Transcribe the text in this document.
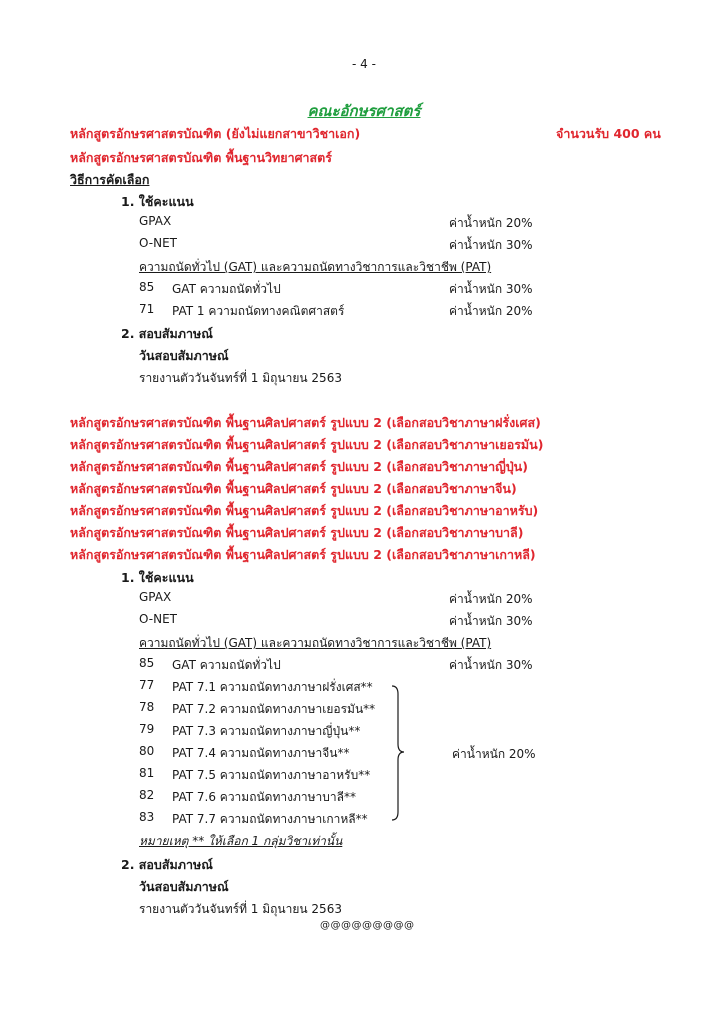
- 4 -
คณะอักษรศาสตร์
หลักสูตรอักษรศาสตรบัณฑิต (ยังไม่แยกสาขาวิชาเอก)	จำนวนรับ 400 คน
หลักสูตรอักษรศาสตรบัณฑิต พื้นฐานวิทยาศาสตร์
วิธีการคัดเลือก
1. ใช้คะแนน
GPAX	ค่าน้ำหนัก 20%
O-NET	ค่าน้ำหนัก 30%
ความถนัดทั่วไป (GAT) และความถนัดทางวิชาการและวิชาชีพ (PAT)
85 GAT ความถนัดทั่วไป	ค่าน้ำหนัก 30%
71 PAT 1 ความถนัดทางคณิตศาสตร์	ค่าน้ำหนัก 20%
2. สอบสัมภาษณ์
วันสอบสัมภาษณ์
รายงานตัววันจันทร์ที่ 1 มิถุนายน 2563
หลักสูตรอักษรศาสตรบัณฑิต พื้นฐานศิลปศาสตร์ รูปแบบ 2 (เลือกสอบวิชาภาษาฝรั่งเศส)
หลักสูตรอักษรศาสตรบัณฑิต พื้นฐานศิลปศาสตร์ รูปแบบ 2 (เลือกสอบวิชาภาษาเยอรมัน)
หลักสูตรอักษรศาสตรบัณฑิต พื้นฐานศิลปศาสตร์ รูปแบบ 2 (เลือกสอบวิชาภาษาญี่ปุ่น)
หลักสูตรอักษรศาสตรบัณฑิต พื้นฐานศิลปศาสตร์ รูปแบบ 2 (เลือกสอบวิชาภาษาจีน)
หลักสูตรอักษรศาสตรบัณฑิต พื้นฐานศิลปศาสตร์ รูปแบบ 2 (เลือกสอบวิชาภาษาอาหรับ)
หลักสูตรอักษรศาสตรบัณฑิต พื้นฐานศิลปศาสตร์ รูปแบบ 2 (เลือกสอบวิชาภาษาบาลี)
หลักสูตรอักษรศาสตรบัณฑิต พื้นฐานศิลปศาสตร์ รูปแบบ 2 (เลือกสอบวิชาภาษาเกาหลี)
1. ใช้คะแนน
GPAX	ค่าน้ำหนัก 20%
O-NET	ค่าน้ำหนัก 30%
ความถนัดทั่วไป (GAT) และความถนัดทางวิชาการและวิชาชีพ (PAT)
85 GAT ความถนัดทั่วไป	ค่าน้ำหนัก 30%
77 PAT 7.1 ความถนัดทางภาษาฝรั่งเศส**
78 PAT 7.2 ความถนัดทางภาษาเยอรมัน**
79 PAT 7.3 ความถนัดทางภาษาญี่ปุ่น**
80 PAT 7.4 ความถนัดทางภาษาจีน**
81 PAT 7.5 ความถนัดทางภาษาอาหรับ**
82 PAT 7.6 ความถนัดทางภาษาบาลี**
83 PAT 7.7 ความถนัดทางภาษาเกาหลี**
ค่าน้ำหนัก 20%
หมายเหตุ ** ให้เลือก 1 กลุ่มวิชาเท่านั้น
2. สอบสัมภาษณ์
วันสอบสัมภาษณ์
รายงานตัววันจันทร์ที่ 1 มิถุนายน 2563
@@@@@@@@@
